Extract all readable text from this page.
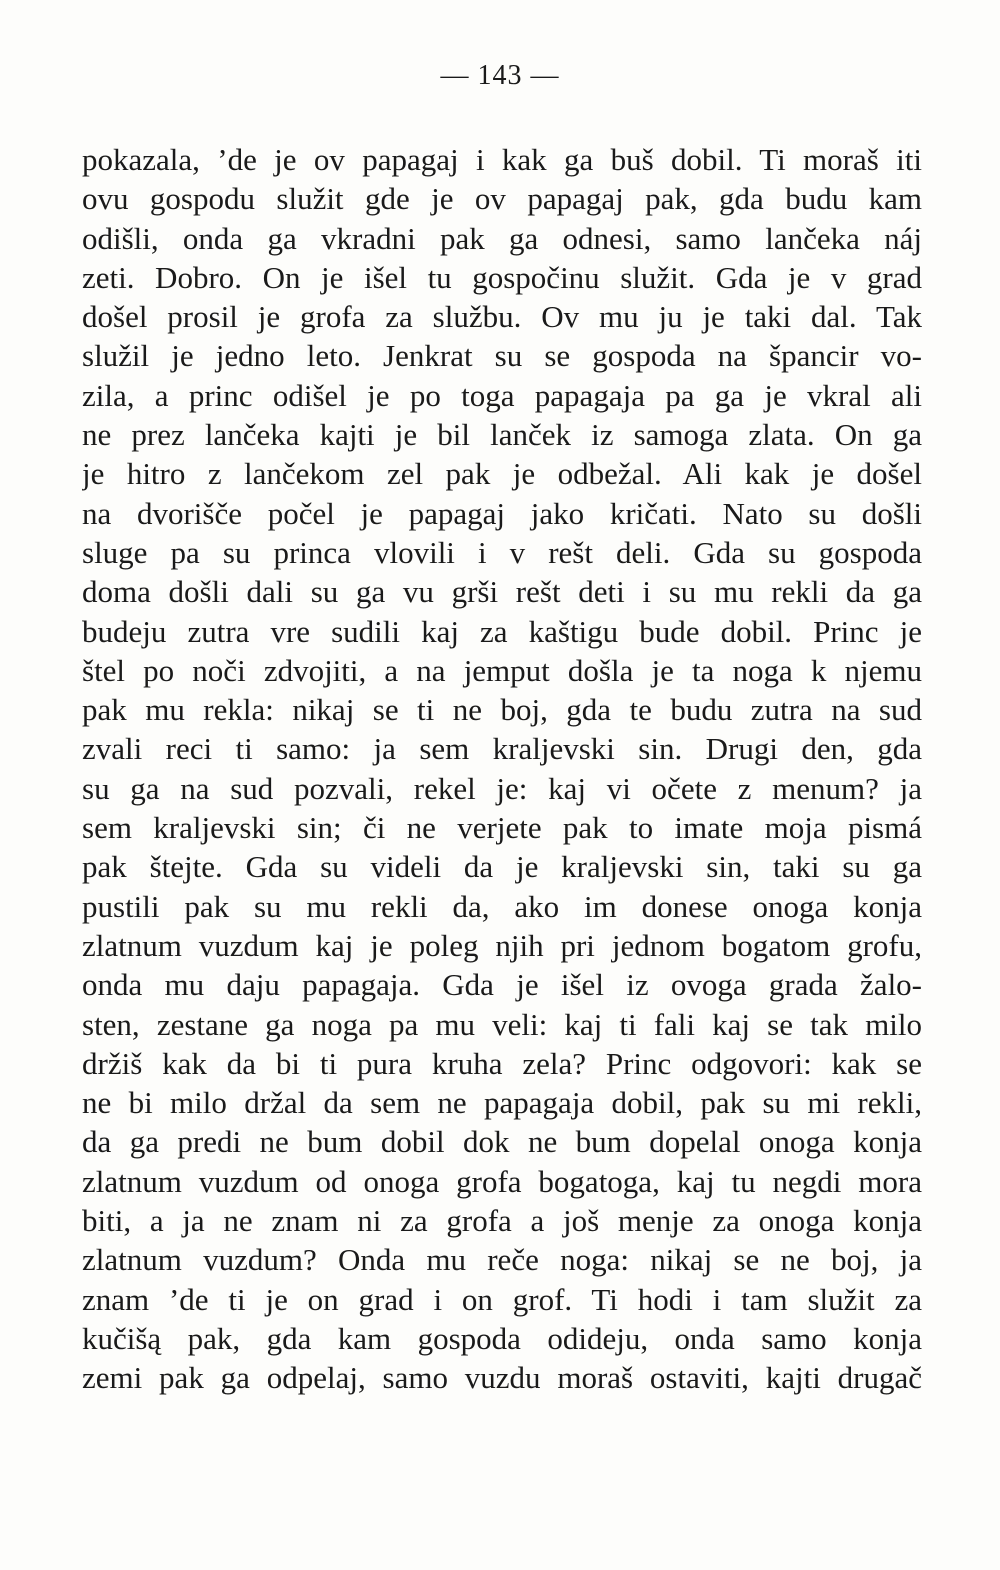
— 143 —
pokazala, ’de je ov papagaj i kak ga buš dobil. Ti moraš iti
ovu gospodu služit gde je ov papagaj pak, gda budu kam
odišli, onda ga vkradni pak ga odnesi, samo lančeka náj
zeti. Dobro. On je išel tu gospočinu služit. Gda je v grad
došel prosil je grofa za službu. Ov mu ju je taki dal. Tak
služil je jedno leto. Jenkrat su se gospoda na špancir vo-
zila, a princ odišel je po toga papagaja pa ga je vkral ali
ne prez lančeka kajti je bil lanček iz samoga zlata. On ga
je hitro z lančekom zel pak je odbežal. Ali kak je došel
na dvorišče počel je papagaj jako kričati. Nato su došli
sluge pa su princa vlovili i v rešt deli. Gda su gospoda
doma došli dali su ga vu grši rešt deti i su mu rekli da ga
budeju zutra vre sudili kaj za kaštigu bude dobil. Princ je
štel po noči zdvojiti, a na jemput došla je ta noga k njemu
pak mu rekla: nikaj se ti ne boj, gda te budu zutra na sud
zvali reci ti samo: ja sem kraljevski sin. Drugi den, gda
su ga na sud pozvali, rekel je: kaj vi očete z menum? ja
sem kraljevski sin; či ne verjete pak to imate moja pismá
pak štejte. Gda su videli da je kraljevski sin, taki su ga
pustili pak su mu rekli da, ako im donese onoga konja
zlatnum vuzdum kaj je poleg njih pri jednom bogatom grofu,
onda mu daju papagaja. Gda je išel iz ovoga grada žalo-
sten, zestane ga noga pa mu veli: kaj ti fali kaj se tak milo
držiš kak da bi ti pura kruha zela? Princ odgovori: kak se
ne bi milo držal da sem ne papagaja dobil, pak su mi rekli,
da ga predi ne bum dobil dok ne bum dopelal onoga konja
zlatnum vuzdum od onoga grofa bogatoga, kaj tu negdi mora
biti, a ja ne znam ni za grofa a još menje za onoga konja
zlatnum vuzdum? Onda mu reče noga: nikaj se ne boj, ja
znam ’de ti je on grad i on grof. Ti hodi i tam služit za
kučišą pak, gda kam gospoda odideju, onda samo konja
zemi pak ga odpelaj, samo vuzdu moraš ostaviti, kajti drugač
